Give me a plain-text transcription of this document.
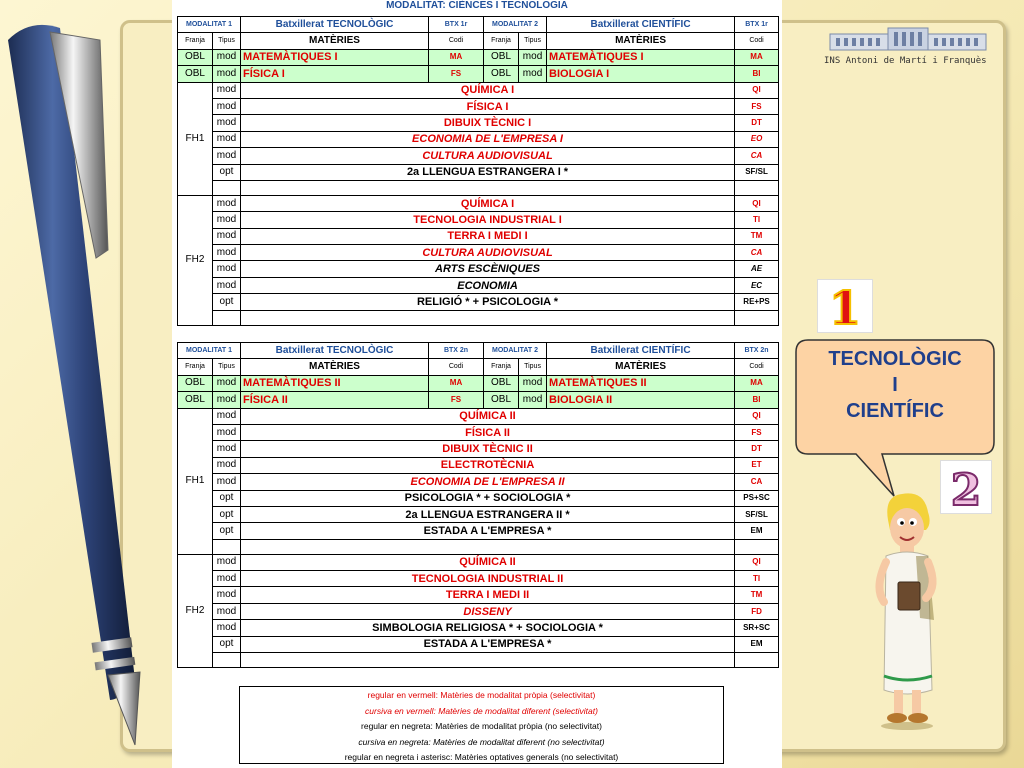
INS Antoni de Martí i Franquès
MODALITAT: CIÈNCES I TECNOLOGIA
MODALITAT 1		Batxillerat TECNOLÒGIC	BTX 1r	MODALITAT 2		Batxillerat CIENTÍFIC	BTX 1r
Franja	Tipus	MATÈRIES	Codi	Franja	Tipus	MATÈRIES	Codi
OBL	mod	MATEMÀTIQUES I	MA	OBL	mod	MATEMÀTIQUES I	MA
OBL	mod	FÍSICA I	FS	OBL	mod	BIOLOGIA I	BI
FH1	mod	QUÍMICA I					QI
	mod	FÍSICA I					FS
	mod	DIBUIX TÈCNIC I					DT
	mod	ECONOMIA DE L'EMPRESA I					EO
	mod	CULTURA AUDIOVISUAL					CA
	opt	2a LLENGUA ESTRANGERA I *					SF/SL

FH2	mod	QUÍMICA I					QI
	mod	TECNOLOGIA INDUSTRIAL I					TI
	mod	TERRA I MEDI I					TM
	mod	CULTURA AUDIOVISUAL					CA
	mod	ARTS ESCÈNIQUES					AE
	mod	ECONOMIA					EC
	opt	RELIGIÓ * + PSICOLOGIA *					RE+PS

MODALITAT 1		Batxillerat TECNOLÒGIC	BTX 2n	MODALITAT 2		Batxillerat CIENTÍFIC	BTX 2n
Franja	Tipus	MATÈRIES	Codi	Franja	Tipus	MATÈRIES	Codi
OBL	mod	MATEMÀTIQUES II	MA	OBL	mod	MATEMÀTIQUES II	MA
OBL	mod	FÍSICA II	FS	OBL	mod	BIOLOGIA II	BI
FH1	mod	QUÍMICA II					QI
	mod	FÍSICA II					FS
	mod	DIBUIX TÈCNIC II					DT
	mod	ELECTROTÈCNIA					ET
	mod	ECONOMIA DE L'EMPRESA II					CA
	opt	PSICOLOGIA * + SOCIOLOGIA *					PS+SC
	opt	2a LLENGUA ESTRANGERA II *					SF/SL
	opt	ESTADA A L'EMPRESA *					EM

FH2	mod	QUÍMICA II					QI
	mod	TECNOLOGIA INDUSTRIAL II					TI
	mod	TERRA I MEDI II					TM
	mod	DISSENY					FD
	mod	SIMBOLOGIA RELIGIOSA * + SOCIOLOGIA *					SR+SC
	opt	ESTADA A L'EMPRESA *					EM

regular en vermell: Matèries de modalitat pròpia (selectivitat)
cursiva en vermell: Matèries de modalitat diferent (selectivitat)
regular en negreta: Matèries de modalitat pròpia (no selectivitat)
cursiva en negreta: Matèries de modalitat diferent (no selectivitat)
regular en negreta i asterisc: Matèries optatives generals (no selectivitat)
1
TECNOLÒGIC
I
CIENTÍFIC
2
